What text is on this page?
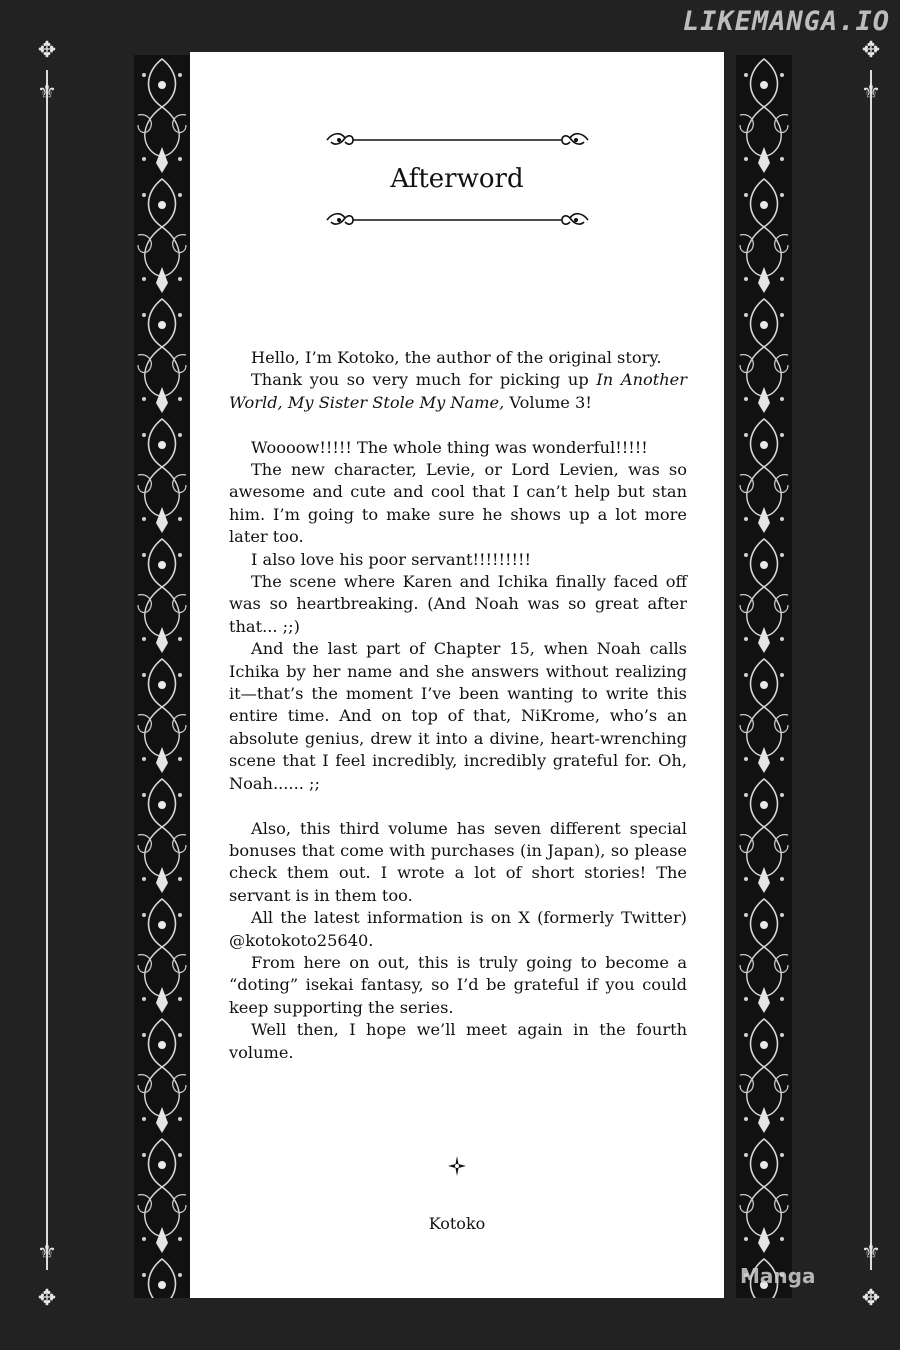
LIKEMANGA.IO
✥	✥
⚜	⚜
⚜	⚜
✥	✥
Afterword

Hello, I’m Kotoko, the author of the original story.

Thank you so very much for picking up In Another World, My Sister Stole My Name, Volume 3!

Woooow!!!!! The whole thing was wonderful!!!!!

The new character, Levie, or Lord Levien, was so awesome and cute and cool that I can’t help but stan him. I’m going to make sure he shows up a lot more later too.

I also love his poor servant!!!!!!!!!

The scene where Karen and Ichika finally faced off was so heartbreaking. (And Noah was so great after that... ;;)

And the last part of Chapter 15, when Noah calls Ichika by her name and she answers without realizing it—that’s the moment I’ve been wanting to write this entire time. And on top of that, NiKrome, who’s an absolute genius, drew it into a divine, heart-wrenching scene that I feel incredibly, incredibly grateful for. Oh, Noah...... ;;

Also, this third volume has seven different special bonuses that come with purchases (in Japan), so please check them out. I wrote a lot of short stories! The servant is in them too.

All the latest information is on X (formerly Twitter) @kotokoto25640.

From here on out, this is truly going to become a “doting” isekai fantasy, so I’d be grateful if you could keep supporting the series.

Well then, I hope we’ll meet again in the fourth volume.

Kotoko
Manga
